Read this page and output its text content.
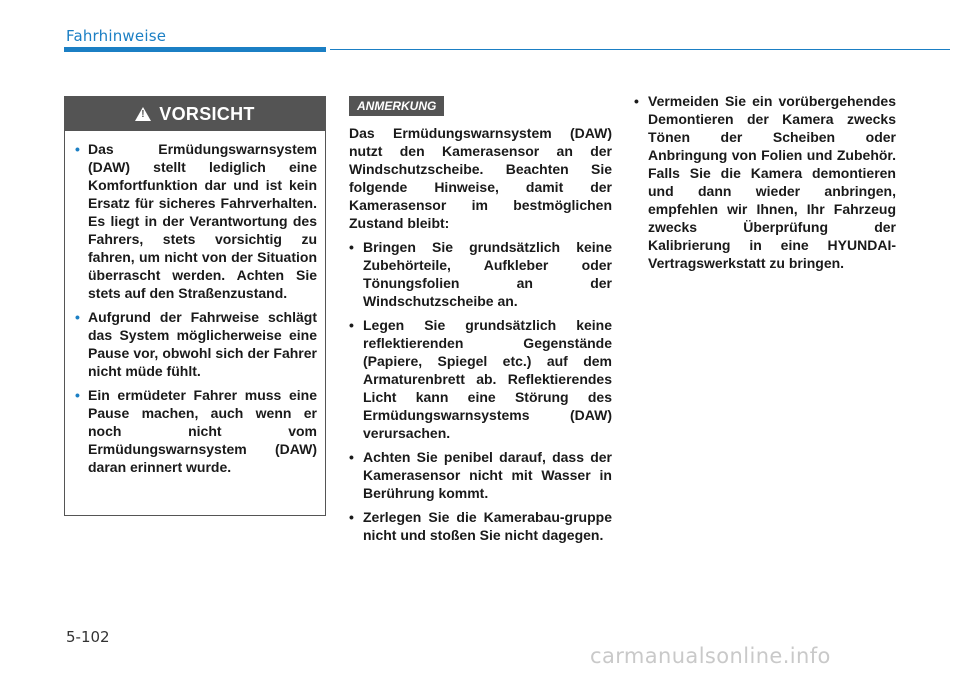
Fahrhinweise
!
VORSICHT
• Das Ermüdungswarnsystem (DAW) stellt lediglich eine Komfortfunktion dar und ist kein Ersatz für sicheres Fahrverhalten. Es liegt in der Verantwortung des Fahrers, stets vorsichtig zu fahren, um nicht von der Situation überrascht werden. Achten Sie stets auf den Straßenzustand.
• Aufgrund der Fahrweise schlägt das System möglicherweise eine Pause vor, obwohl sich der Fahrer nicht müde fühlt.
• Ein ermüdeter Fahrer muss eine Pause machen, auch wenn er noch nicht vom Ermüdungswarnsystem (DAW) daran erinnert wurde.
ANMERKUNG

Das Ermüdungswarnsystem (DAW) nutzt den Kamerasensor an der Windschutzscheibe. Beachten Sie folgende Hinweise, damit der Kamerasensor im bestmöglichen Zustand bleibt:

• Bringen Sie grundsätzlich keine Zubehörteile, Aufkleber oder Tönungsfolien an der Windschutzscheibe an.
• Legen Sie grundsätzlich keine reflektierenden Gegenstände (Papiere, Spiegel etc.) auf dem Armaturenbrett ab. Reflektierendes Licht kann eine Störung des Ermüdungswarnsystems (DAW) verursachen.
• Achten Sie penibel darauf, dass der Kamerasensor nicht mit Wasser in Berührung kommt.
• Zerlegen Sie die Kamerabau-gruppe nicht und stoßen Sie nicht dagegen.
• Vermeiden Sie ein vorübergehendes Demontieren der Kamera zwecks Tönen der Scheiben oder Anbringung von Folien und Zubehör. Falls Sie die Kamera demontieren und dann wieder anbringen, empfehlen wir Ihnen, Ihr Fahrzeug zwecks Überprüfung der Kalibrierung in eine HYUNDAI-Vertragswerkstatt zu bringen.
5-102
carmanualsonline.info
